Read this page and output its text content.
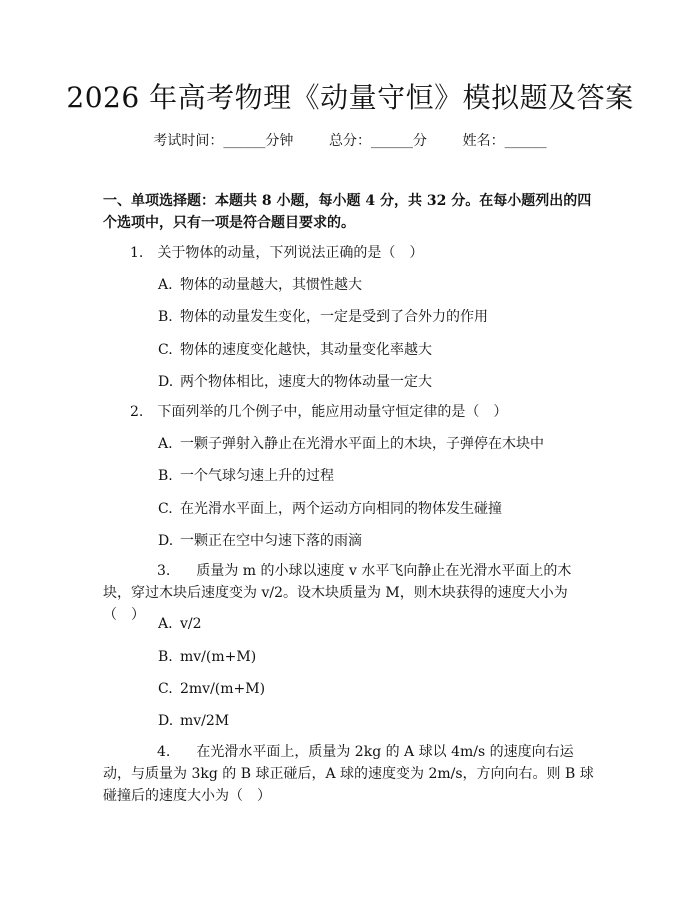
2026 年高考物理《动量守恒》模拟题及答案
考试时间：______分钟	总分：______分	姓名：______
一、单项选择题：本题共 8 小题，每小题 4 分，共 32 分。在每小题列出的四个选项中，只有一项是符合题目要求的。
1. 关于物体的动量，下列说法正确的是（　）
A. 物体的动量越大，其惯性越大
B. 物体的动量发生变化，一定是受到了合外力的作用
C. 物体的速度变化越快，其动量变化率越大
D. 两个物体相比，速度大的物体动量一定大
2. 下面列举的几个例子中，能应用动量守恒定律的是（　）
A. 一颗子弹射入静止在光滑水平面上的木块，子弹停在木块中
B. 一个气球匀速上升的过程
C. 在光滑水平面上，两个运动方向相同的物体发生碰撞
D. 一颗正在空中匀速下落的雨滴
3. 质量为 m 的小球以速度 v 水平飞向静止在光滑水平面上的木块，穿过木块后速度变为 v/2。设木块质量为 M，则木块获得的速度大小为（　）
A. v/2
B. mv/(m+M)
C. 2mv/(m+M)
D. mv/2M
4. 在光滑水平面上，质量为 2kg 的 A 球以 4m/s 的速度向右运动，与质量为 3kg 的 B 球正碰后，A 球的速度变为 2m/s，方向向右。则 B 球碰撞后的速度大小为（　）
